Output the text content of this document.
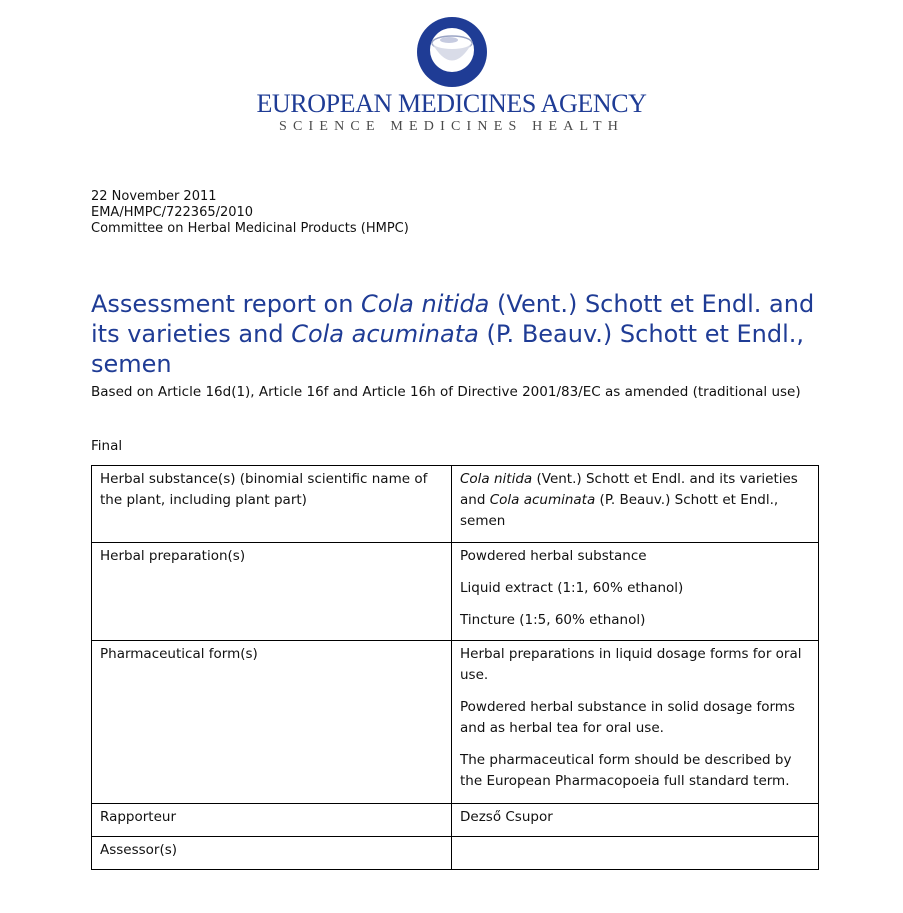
EUROPEAN MEDICINES AGENCY
SCIENCE MEDICINES HEALTH
22 November 2011
EMA/HMPC/722365/2010
Committee on Herbal Medicinal Products (HMPC)
Assessment report on Cola nitida (Vent.) Schott et Endl. and its varieties and Cola acuminata (P. Beauv.) Schott et Endl., semen
Based on Article 16d(1), Article 16f and Article 16h of Directive 2001/83/EC as amended (traditional use)
Final
Herbal substance(s) (binomial scientific name of the plant, including plant part)	Cola nitida (Vent.) Schott et Endl. and its varieties and Cola acuminata (P. Beauv.) Schott et Endl., semen
Herbal preparation(s)	Powdered herbal substance

Liquid extract (1:1, 60% ethanol)

Tincture (1:5, 60% ethanol)

Pharmaceutical form(s)	Herbal preparations in liquid dosage forms for oral use.

Powdered herbal substance in solid dosage forms and as herbal tea for oral use.

The pharmaceutical form should be described by the European Pharmacopoeia full standard term.

Rapporteur	Dezső Csupor
Assessor(s)	
